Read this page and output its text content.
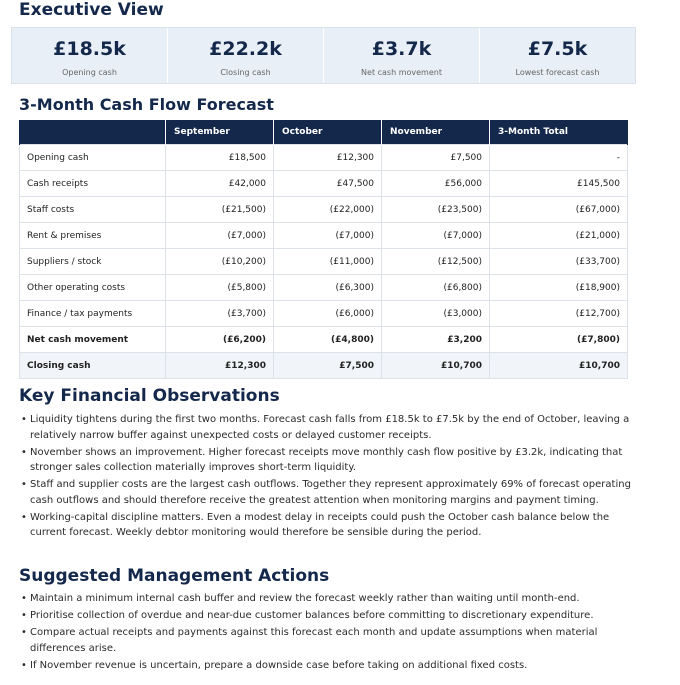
Executive View
£18.5k
Opening cash
£22.2k
Closing cash
£3.7k
Net cash movement
£7.5k
Lowest forecast cash
3-Month Cash Flow Forecast
	September	October	November	3-Month Total
Opening cash	£18,500	£12,300	£7,500	-
Cash receipts	£42,000	£47,500	£56,000	£145,500
Staff costs	(£21,500)	(£22,000)	(£23,500)	(£67,000)
Rent & premises	(£7,000)	(£7,000)	(£7,000)	(£21,000)
Suppliers / stock	(£10,200)	(£11,000)	(£12,500)	(£33,700)
Other operating costs	(£5,800)	(£6,300)	(£6,800)	(£18,900)
Finance / tax payments	(£3,700)	(£6,000)	(£3,000)	(£12,700)
Net cash movement	(£6,200)	(£4,800)	£3,200	(£7,800)
Closing cash	£12,300	£7,500	£10,700	£10,700
Key Financial Observations
• Liquidity tightens during the first two months. Forecast cash falls from £18.5k to £7.5k by the end of October, leaving a relatively narrow buffer against unexpected costs or delayed customer receipts.
• November shows an improvement. Higher forecast receipts move monthly cash flow positive by £3.2k, indicating that stronger sales collection materially improves short-term liquidity.
• Staff and supplier costs are the largest cash outflows. Together they represent approximately 69% of forecast operating cash outflows and should therefore receive the greatest attention when monitoring margins and payment timing.
• Working-capital discipline matters. Even a modest delay in receipts could push the October cash balance below the current forecast. Weekly debtor monitoring would therefore be sensible during the period.
Suggested Management Actions
• Maintain a minimum internal cash buffer and review the forecast weekly rather than waiting until month-end.
• Prioritise collection of overdue and near-due customer balances before committing to discretionary expenditure.
• Compare actual receipts and payments against this forecast each month and update assumptions when material differences arise.
• If November revenue is uncertain, prepare a downside case before taking on additional fixed costs.
